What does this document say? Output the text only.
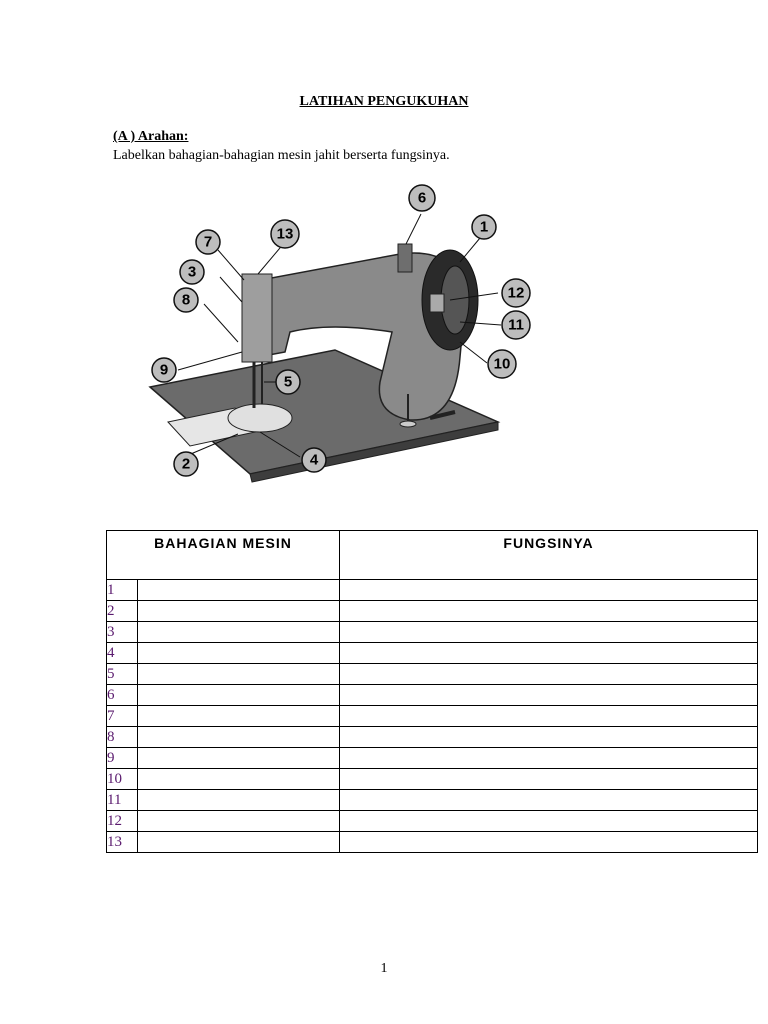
LATIHAN PENGUKUHAN
(A ) Arahan:
Labelkan bahagian-bahagian mesin jahit berserta fungsinya.
1
2
3
4
5
6
7
8
9	10
11
12
13
BAHAGIAN MESIN		FUNGSINYA
1		
2		
3		
4		
5		
6		
7		
8		
9		
10		
11		
12		
13		
1
